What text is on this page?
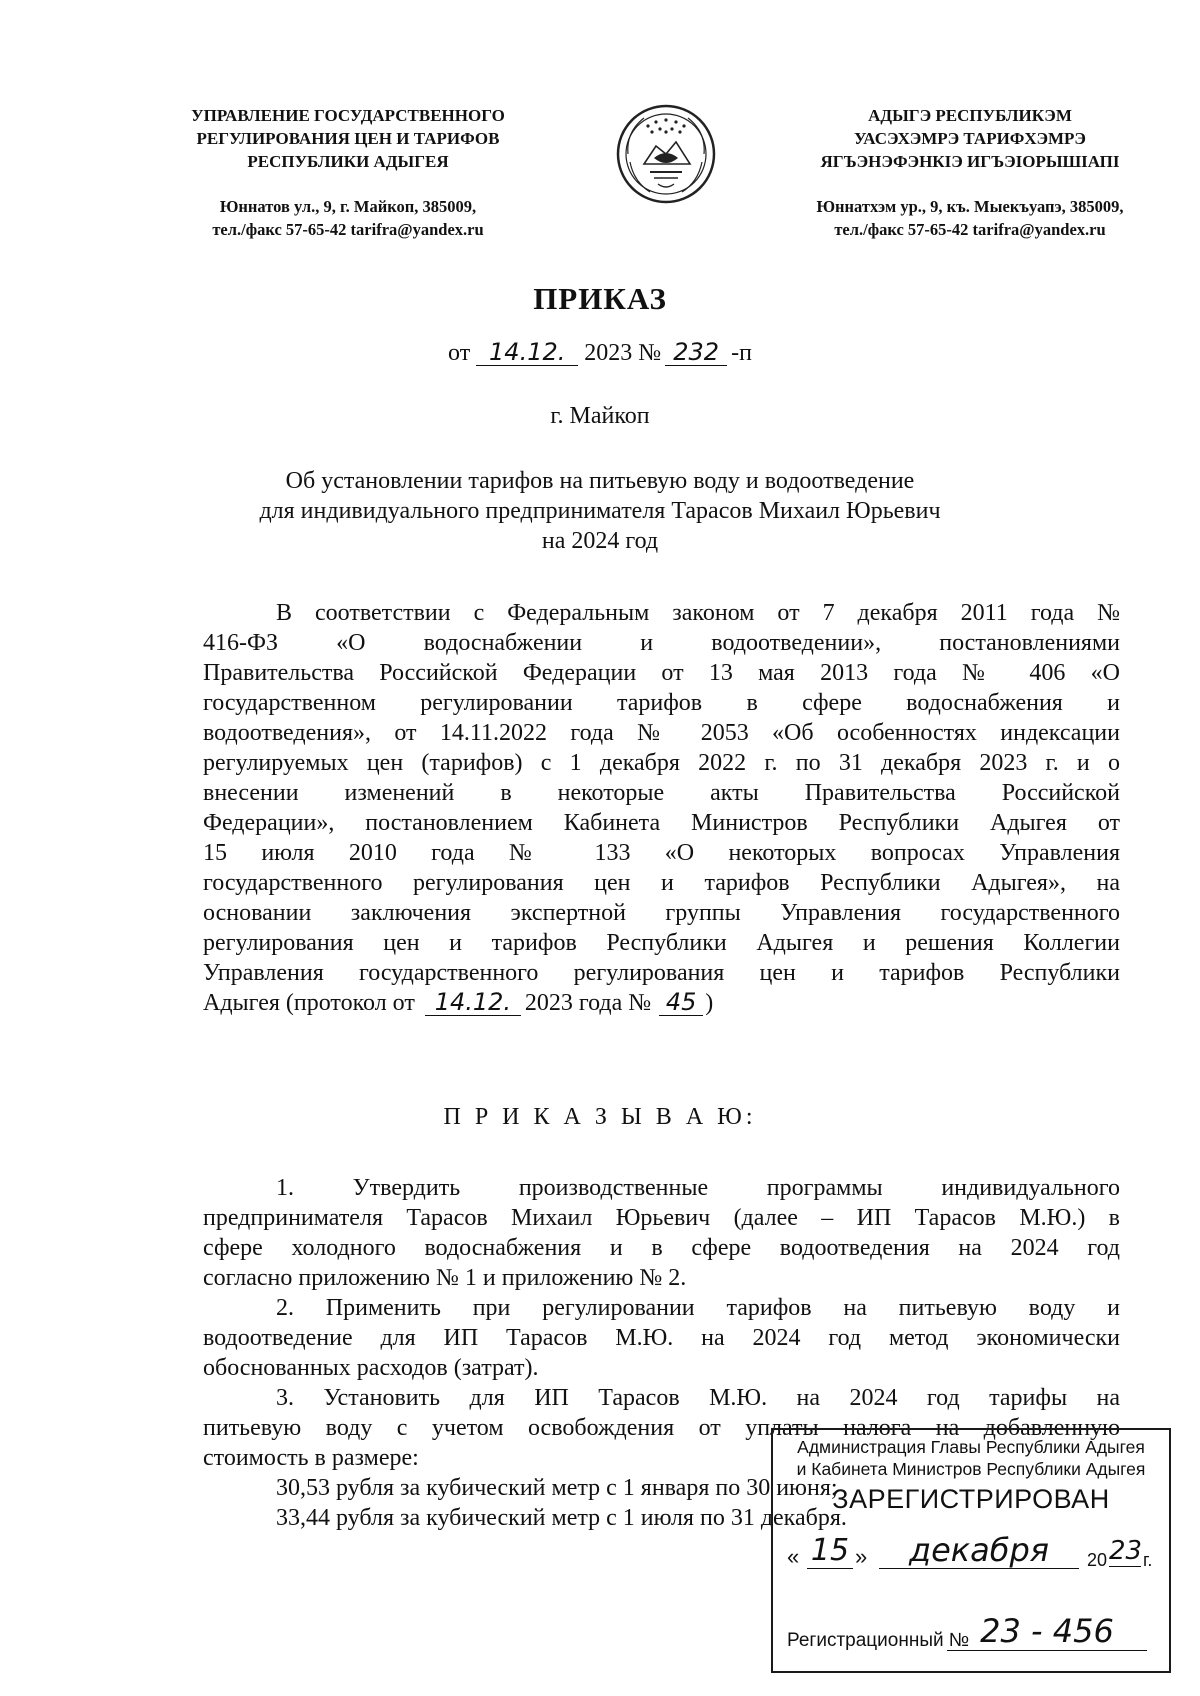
УПРАВЛЕНИЕ ГОСУДАРСТВЕННОГО
РЕГУЛИРОВАНИЯ ЦЕН И ТАРИФОВ
РЕСПУБЛИКИ АДЫГЕЯ
Юннатов ул., 9, г. Майкоп, 385009,
тел./факс 57-65-42 tarifra@yandex.ru
АДЫГЭ РЕСПУБЛИКЭМ
УАСЭХЭМРЭ ТАРИФХЭМРЭ
ЯГЪЭНЭФЭНКIЭ ИГЪЭIОРЫШIАПI
Юннатхэм ур., 9, къ. Мыекъуапэ, 385009,
тел./факс 57-65-42 tarifra@yandex.ru
ПРИКАЗ
от 14.12. 2023 № 232 -п
г. Майкоп
Об установлении тарифов на питьевую воду и водоотведение
для индивидуального предпринимателя Тарасов Михаил Юрьевич
на 2024 год
В соответствии с Федеральным законом от 7 декабря 2011 года №
416-ФЗ «О водоснабжении и водоотведении», постановлениями
Правительства Российской Федерации от 13 мая 2013 года № 406 «О
государственном регулировании тарифов в сфере водоснабжения и
водоотведения», от 14.11.2022 года № 2053 «Об особенностях индексации
регулируемых цен (тарифов) с 1 декабря 2022 г. по 31 декабря 2023 г. и о
внесении изменений в некоторые акты Правительства Российской
Федерации», постановлением Кабинета Министров Республики Адыгея от
15 июля 2010 года № 133 «О некоторых вопросах Управления
государственного регулирования цен и тарифов Республики Адыгея», на
основании заключения экспертной группы Управления государственного
регулирования цен и тарифов Республики Адыгея и решения Коллегии
Управления государственного регулирования цен и тарифов Республики
Адыгея (протокол от 14.12. 2023 года № 45 )
П Р И К А З Ы В А Ю:
1. Утвердить производственные программы индивидуального
предпринимателя Тарасов Михаил Юрьевич (далее – ИП Тарасов М.Ю.) в
сфере холодного водоснабжения и в сфере водоотведения на 2024 год
согласно приложению № 1 и приложению № 2.
2. Применить при регулировании тарифов на питьевую воду и
водоотведение для ИП Тарасов М.Ю. на 2024 год метод экономически
обоснованных расходов (затрат).
3. Установить для ИП Тарасов М.Ю. на 2024 год тарифы на
питьевую воду с учетом освобождения от уплаты налога на добавленную
стоимость в размере:
30,53 рубля за кубический метр с 1 января по 30 июня;
33,44 рубля за кубический метр с 1 июля по 31 декабря.
Администрация Главы Республики Адыгея
и Кабинета Министров Республики Адыгея
ЗАРЕГИСТРИРОВАН
« 15 »	декабря	20 23 г.
Регистрационный № 23 - 456
